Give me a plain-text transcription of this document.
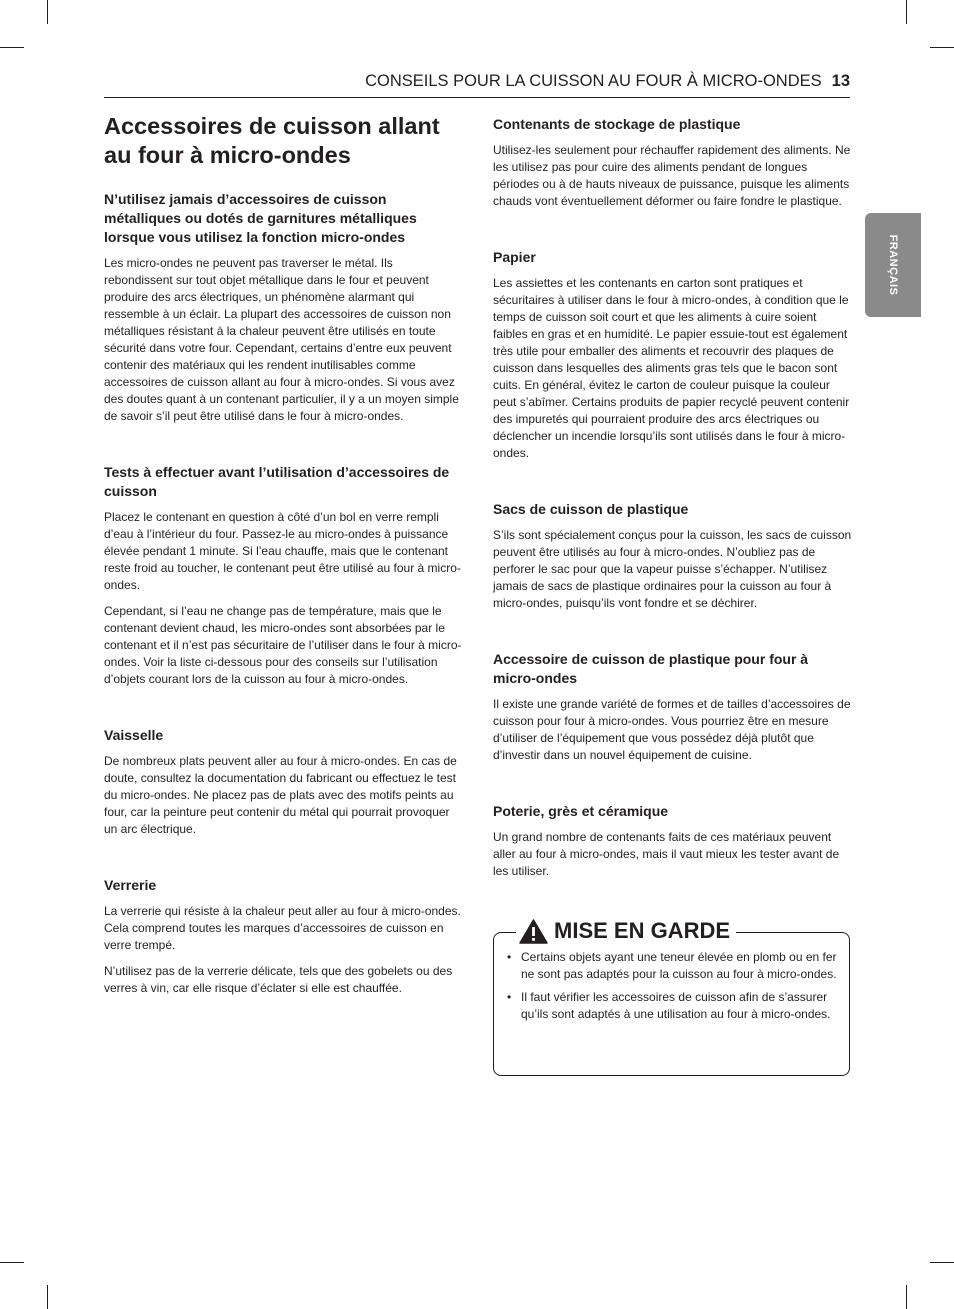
CONSEILS POUR LA CUISSON AU FOUR À MICRO-ONDES 13
FRANÇAIS
Accessoires de cuisson allant au four à micro-ondes
N’utilisez jamais d’accessoires de cuisson métalliques ou dotés de garnitures métalliques lorsque vous utilisez la fonction micro-ondes

Les micro-ondes ne peuvent pas traverser le métal. Ils rebondissent sur tout objet métallique dans le four et peuvent produire des arcs électriques, un phénomène alarmant qui ressemble à un éclair. La plupart des accessoires de cuisson non métalliques résistant à la chaleur peuvent être utilisés en toute sécurité dans votre four. Cependant, certains d’entre eux peuvent contenir des matériaux qui les rendent inutilisables comme accessoires de cuisson allant au four à micro-ondes. Si vous avez des doutes quant à un contenant particulier, il y a un moyen simple de savoir s’il peut être utilisé dans le four à micro-ondes.

Tests à effectuer avant l’utilisation d’accessoires de cuisson

Placez le contenant en question à côté d’un bol en verre rempli d’eau à l’intérieur du four. Passez-le au micro-ondes à puissance élevée pendant 1 minute. Si l’eau chauffe, mais que le contenant reste froid au toucher, le contenant peut être utilisé au four à micro-ondes.

Cependant, si l’eau ne change pas de température, mais que le contenant devient chaud, les micro-ondes sont absorbées par le contenant et il n’est pas sécuritaire de l’utiliser dans le four à micro-ondes. Voir la liste ci-dessous pour des conseils sur l’utilisation d’objets courant lors de la cuisson au four à micro-ondes.

Vaisselle

De nombreux plats peuvent aller au four à micro-ondes. En cas de doute, consultez la documentation du fabricant ou effectuez le test du micro-ondes. Ne placez pas de plats avec des motifs peints au four, car la peinture peut contenir du métal qui pourrait provoquer un arc électrique.

Verrerie

La verrerie qui résiste à la chaleur peut aller au four à micro-ondes. Cela comprend toutes les marques d’accessoires de cuisson en verre trempé.

N’utilisez pas de la verrerie délicate, tels que des gobelets ou des verres à vin, car elle risque d’éclater si elle est chauffée.

Contenants de stockage de plastique

Utilisez-les seulement pour réchauffer rapidement des aliments. Ne les utilisez pas pour cuire des aliments pendant de longues périodes ou à de hauts niveaux de puissance, puisque les aliments chauds vont éventuellement déformer ou faire fondre le plastique.

Papier

Les assiettes et les contenants en carton sont pratiques et sécuritaires à utiliser dans le four à micro-ondes, à condition que le temps de cuisson soit court et que les aliments à cuire soient faibles en gras et en humidité. Le papier essuie-tout est également très utile pour emballer des aliments et recouvrir des plaques de cuisson dans lesquelles des aliments gras tels que le bacon sont cuits. En général, évitez le carton de couleur puisque la couleur peut s’abîmer. Certains produits de papier recyclé peuvent contenir des impuretés qui pourraient produire des arcs électriques ou déclencher un incendie lorsqu’ils sont utilisés dans le four à micro-ondes.

Sacs de cuisson de plastique

S’ils sont spécialement conçus pour la cuisson, les sacs de cuisson peuvent être utilisés au four à micro-ondes. N’oubliez pas de perforer le sac pour que la vapeur puisse s’échapper. N’utilisez jamais de sacs de plastique ordinaires pour la cuisson au four à micro-ondes, puisqu’ils vont fondre et se déchirer.

Accessoire de cuisson de plastique pour four à micro-ondes

Il existe une grande variété de formes et de tailles d’accessoires de cuisson pour four à micro-ondes. Vous pourriez être en mesure d’utiliser de l’équipement que vous possédez déjà plutôt que d’investir dans un nouvel équipement de cuisine.

Poterie, grès et céramique

Un grand nombre de contenants faits de ces matériaux peuvent aller au four à micro-ondes, mais il vaut mieux les tester avant de les utiliser.

MISE EN GARDE
• Certains objets ayant une teneur élevée en plomb ou en fer ne sont pas adaptés pour la cuisson au four à micro-ondes.
• Il faut vérifier les accessoires de cuisson afin de s’assurer qu’ils sont adaptés à une utilisation au four à micro-ondes.
